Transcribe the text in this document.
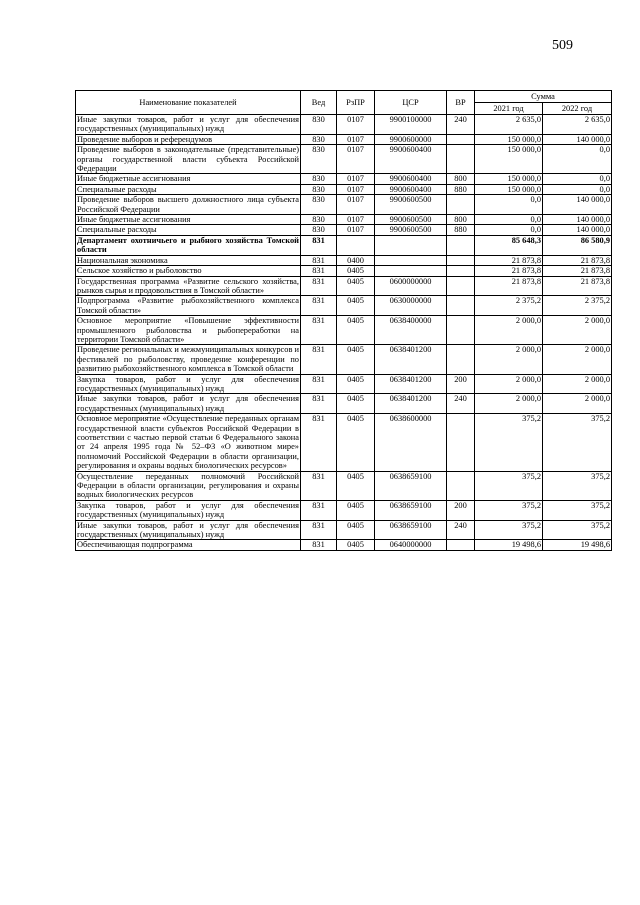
509
Наименование показателей	Вед	РзПР	ЦСР	ВР	Сумма	
					2021 год	2022 год
Иные закупки товаров, работ и услуг для обеспечения государственных (муниципальных) нужд	830	0107	9900100000	240	2 635,0	2 635,0
Проведение выборов и референдумов	830	0107	9900600000		150 000,0	140 000,0
Проведение выборов в законодательные (представительные) органы государственной власти субъекта Российской Федерации	830	0107	9900600400		150 000,0	0,0
Иные бюджетные ассигнования	830	0107	9900600400	800	150 000,0	0,0
Специальные расходы	830	0107	9900600400	880	150 000,0	0,0
Проведение выборов высшего должностного лица субъекта Российской Федерации	830	0107	9900600500		0,0	140 000,0
Иные бюджетные ассигнования	830	0107	9900600500	800	0,0	140 000,0
Специальные расходы	830	0107	9900600500	880	0,0	140 000,0
Департамент охотничьего и рыбного хозяйства Томской области	831				85 648,3	86 580,9
Национальная экономика	831	0400			21 873,8	21 873,8
Сельское хозяйство и рыболовство	831	0405			21 873,8	21 873,8
Государственная программа «Развитие сельского хозяйства, рынков сырья и продовольствия в Томской области»	831	0405	0600000000		21 873,8	21 873,8
Подпрограмма «Развитие рыбохозяйственного комплекса Томской области»	831	0405	0630000000		2 375,2	2 375,2
Основное мероприятие «Повышение эффективности промышленного рыболовства и рыбопереработки на территории Томской области»	831	0405	0638400000		2 000,0	2 000,0
Проведение региональных и межмуниципальных конкурсов и фестивалей по рыболовству, проведение конференции по развитию рыбохозяйственного комплекса в Томской области	831	0405	0638401200		2 000,0	2 000,0
Закупка товаров, работ и услуг для обеспечения государственных (муниципальных) нужд	831	0405	0638401200	200	2 000,0	2 000,0
Иные закупки товаров, работ и услуг для обеспечения государственных (муниципальных) нужд	831	0405	0638401200	240	2 000,0	2 000,0
Основное мероприятие «Осуществление переданных органам государственной власти субъектов Российской Федерации в соответствии с частью первой статьи 6 Федерального закона от 24 апреля 1995 года № 52–ФЗ «О животном мире» полномочий Российской Федерации в области организации, регулирования и охраны водных биологических ресурсов»	831	0405	0638600000		375,2	375,2
Осуществление переданных полномочий Российской Федерации в области организации, регулирования и охраны водных биологических ресурсов	831	0405	0638659100		375,2	375,2
Закупка товаров, работ и услуг для обеспечения государственных (муниципальных) нужд	831	0405	0638659100	200	375,2	375,2
Иные закупки товаров, работ и услуг для обеспечения государственных (муниципальных) нужд	831	0405	0638659100	240	375,2	375,2
Обеспечивающая подпрограмма	831	0405	0640000000		19 498,6	19 498,6
